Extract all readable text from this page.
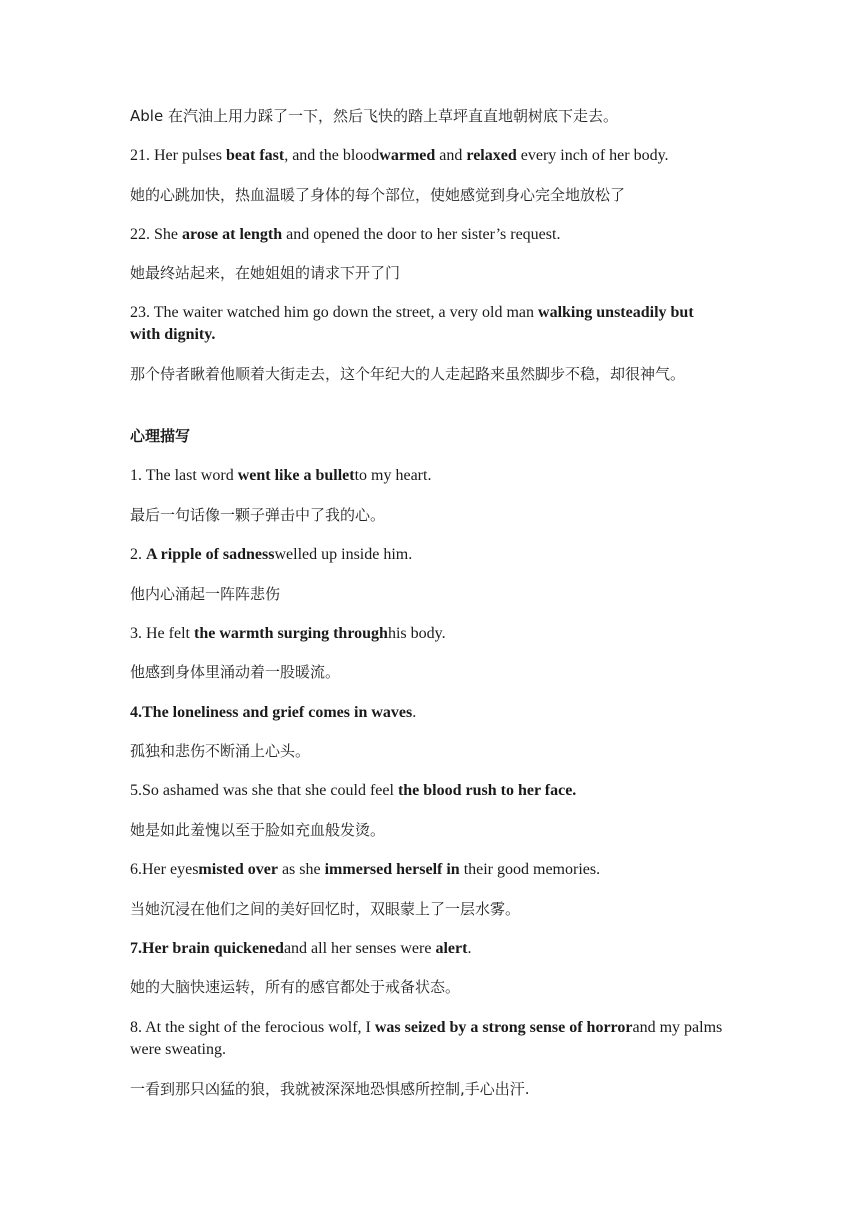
Able 在汽油上用力踩了一下，然后飞快的踏上草坪直直地朝树底下走去。
21. Her pulses beat fast, and the bloodwarmed and relaxed every inch of her body.
她的心跳加快，热血温暖了身体的每个部位，使她感觉到身心完全地放松了
22. She arose at length and opened the door to her sister’s request.
她最终站起来，在她姐姐的请求下开了门
23. The waiter watched him go down the street, a very old man walking unsteadily but with dignity.
那个侍者瞅着他顺着大街走去，这个年纪大的人走起路来虽然脚步不稳，却很神气。
心理描写
1. The last word went like a bulletto my heart.
最后一句话像一颗子弹击中了我的心。
2. A ripple of sadnesswelled up inside him.
他内心涌起一阵阵悲伤
3. He felt the warmth surging throughhis body.
他感到身体里涌动着一股暖流。
4.The loneliness and grief comes in waves.
孤独和悲伤不断涌上心头。
5.So ashamed was she that she could feel the blood rush to her face.
她是如此羞愧以至于脸如充血般发烫。
6.Her eyesmisted over as she immersed herself in their good memories.
当她沉浸在他们之间的美好回忆时，双眼蒙上了一层水雾。
7.Her brain quickenedand all her senses were alert.
她的大脑快速运转，所有的感官都处于戒备状态。
8. At the sight of the ferocious wolf, I was seized by a strong sense of horrorand my palms were sweating.
一看到那只凶猛的狼，我就被深深地恐惧感所控制,手心出汗.
